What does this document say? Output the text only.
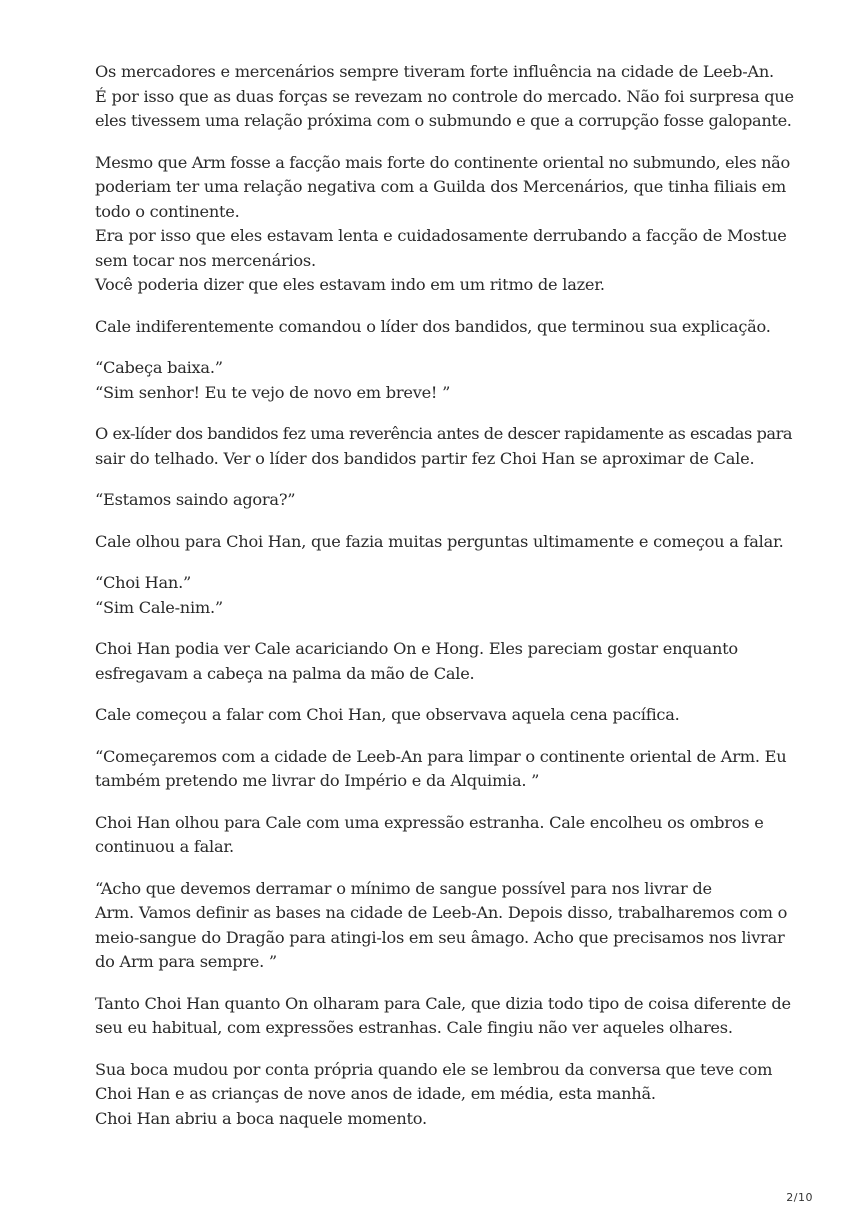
Os mercadores e mercenários sempre tiveram forte influência na cidade de Leeb-An.
É por isso que as duas forças se revezam no controle do mercado. Não foi surpresa que
eles tivessem uma relação próxima com o submundo e que a corrupção fosse galopante.

Mesmo que Arm fosse a facção mais forte do continente oriental no submundo, eles não
poderiam ter uma relação negativa com a Guilda dos Mercenários, que tinha filiais em
todo o continente.
Era por isso que eles estavam lenta e cuidadosamente derrubando a facção de Mostue
sem tocar nos mercenários.
Você poderia dizer que eles estavam indo em um ritmo de lazer.

Cale indiferentemente comandou o líder dos bandidos, que terminou sua explicação.

“Cabeça baixa.”
“Sim senhor! Eu te vejo de novo em breve! ”

O ex-líder dos bandidos fez uma reverência antes de descer rapidamente as escadas para
sair do telhado. Ver o líder dos bandidos partir fez Choi Han se aproximar de Cale.

“Estamos saindo agora?”

Cale olhou para Choi Han, que fazia muitas perguntas ultimamente e começou a falar.

“Choi Han.”
“Sim Cale-nim.”

Choi Han podia ver Cale acariciando On e Hong. Eles pareciam gostar enquanto
esfregavam a cabeça na palma da mão de Cale.

Cale começou a falar com Choi Han, que observava aquela cena pacífica.

“Começaremos com a cidade de Leeb-An para limpar o continente oriental de Arm. Eu
também pretendo me livrar do Império e da Alquimia. ”

Choi Han olhou para Cale com uma expressão estranha. Cale encolheu os ombros e
continuou a falar.

“Acho que devemos derramar o mínimo de sangue possível para nos livrar de
Arm. Vamos definir as bases na cidade de Leeb-An. Depois disso, trabalharemos com o
meio-sangue do Dragão para atingi-los em seu âmago. Acho que precisamos nos livrar
do Arm para sempre. ”

Tanto Choi Han quanto On olharam para Cale, que dizia todo tipo de coisa diferente de
seu eu habitual, com expressões estranhas. Cale fingiu não ver aqueles olhares.

Sua boca mudou por conta própria quando ele se lembrou da conversa que teve com
Choi Han e as crianças de nove anos de idade, em média, esta manhã.
Choi Han abriu a boca naquele momento.

2/10
